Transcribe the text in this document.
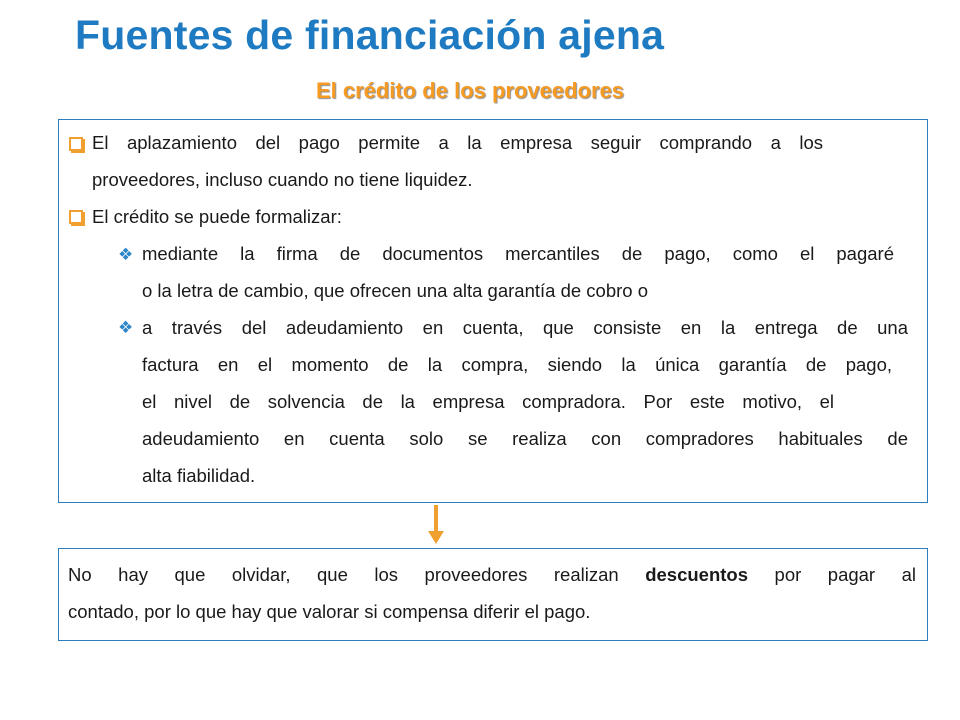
Fuentes de financiación ajena
El crédito de los proveedores
El aplazamiento del pago permite a la empresa seguir comprando a los
proveedores, incluso cuando no tiene liquidez.
El crédito se puede formalizar:
❖ mediante la firma de documentos mercantiles de pago, como el pagaré
o la letra de cambio, que ofrecen una alta garantía de cobro o
❖ a través del adeudamiento en cuenta, que consiste en la entrega de una
factura en el momento de la compra, siendo la única garantía de pago,
el nivel de solvencia de la empresa compradora. Por este motivo, el
adeudamiento en cuenta solo se realiza con compradores habituales de
alta fiabilidad.
No hay que olvidar, que los proveedores realizan descuentos por pagar al
contado, por lo que hay que valorar si compensa diferir el pago.
